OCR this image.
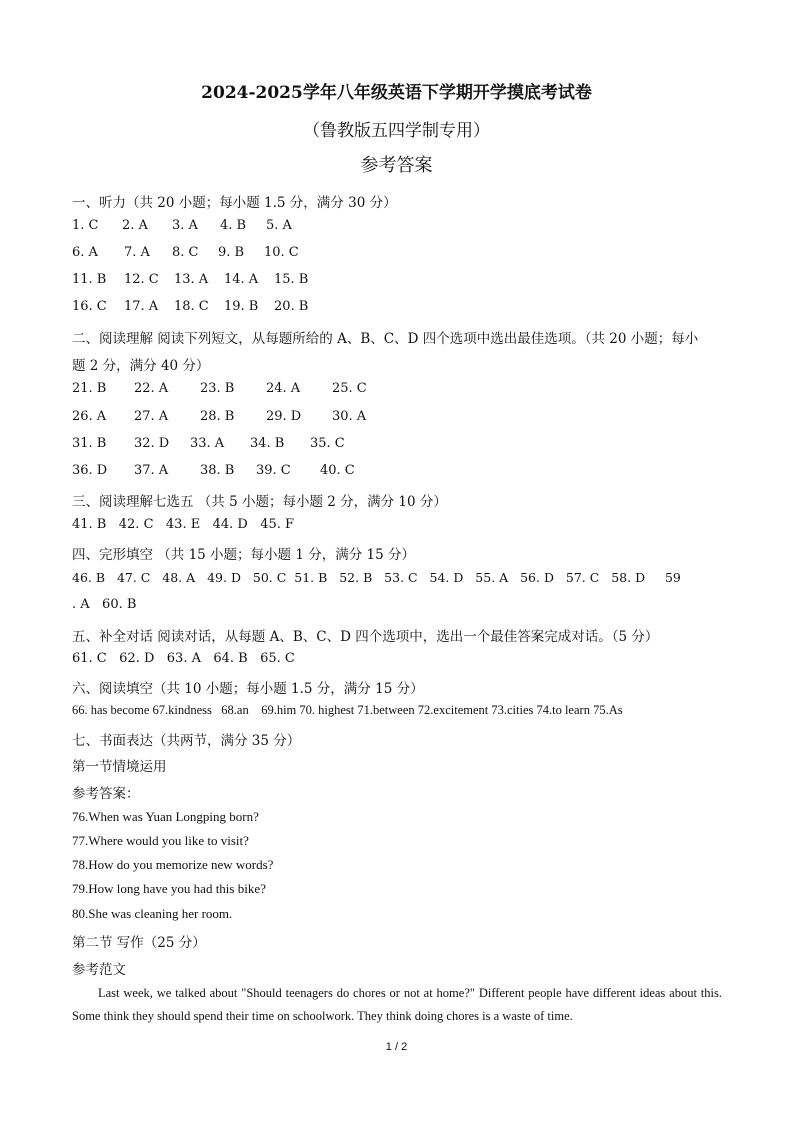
2024-2025学年八年级英语下学期开学摸底考试卷
（鲁教版五四学制专用）
参考答案
一、听力（共 20 小题；每小题 1.5 分，满分 30 分）
1. C 2. A 3. A 4. B 5. A
6. A 7. A 8. C 9. B 10. C
11. B 12. C 13. A 14. A 15. B
16. C 17. A 18. C 19. B 20. B
二、阅读理解 阅读下列短文，从每题所给的 A、B、C、D 四个选项中选出最佳选项。（共 20 小题；每小
题 2 分，满分 40 分）
21. B 22. A 23. B 24. A 25. C
26. A 27. A 28. B 29. D 30. A
31. B 32. D 33. A 34. B 35. C
36. D 37. A 38. B 39. C 40. C
三、阅读理解七选五 （共 5 小题；每小题 2 分，满分 10 分）
41. B   42. C   43. E   44. D   45. F
四、完形填空 （共 15 小题；每小题 1 分，满分 15 分）
46. B   47. C   48. A   49. D   50. C  51. B   52. B   53. C   54. D   55. A   56. D   57. C   58. D     59
. A   60. B
五、补全对话 阅读对话，从每题 A、B、C、D 四个选项中，选出一个最佳答案完成对话。（5 分）
61. C   62. D   63. A   64. B   65. C
六、阅读填空（共 10 小题；每小题 1.5 分，满分 15 分）
66. has become 67.kindness   68.an    69.him 70. highest 71.between 72.excitement 73.cities 74.to learn 75.As
七、书面表达（共两节，满分 35 分）
第一节情境运用
参考答案：
76.When was Yuan Longping born?
77.Where would you like to visit?
78.How do you memorize new words?
79.How long have you had this bike?
80.She was cleaning her room.
第二节 写作（25 分）
参考范文
Last week, we talked about "Should teenagers do chores or not at home?" Different people have different ideas about this. Some think they should spend their time on schoolwork. They think doing chores is a waste of time.
1 / 2
